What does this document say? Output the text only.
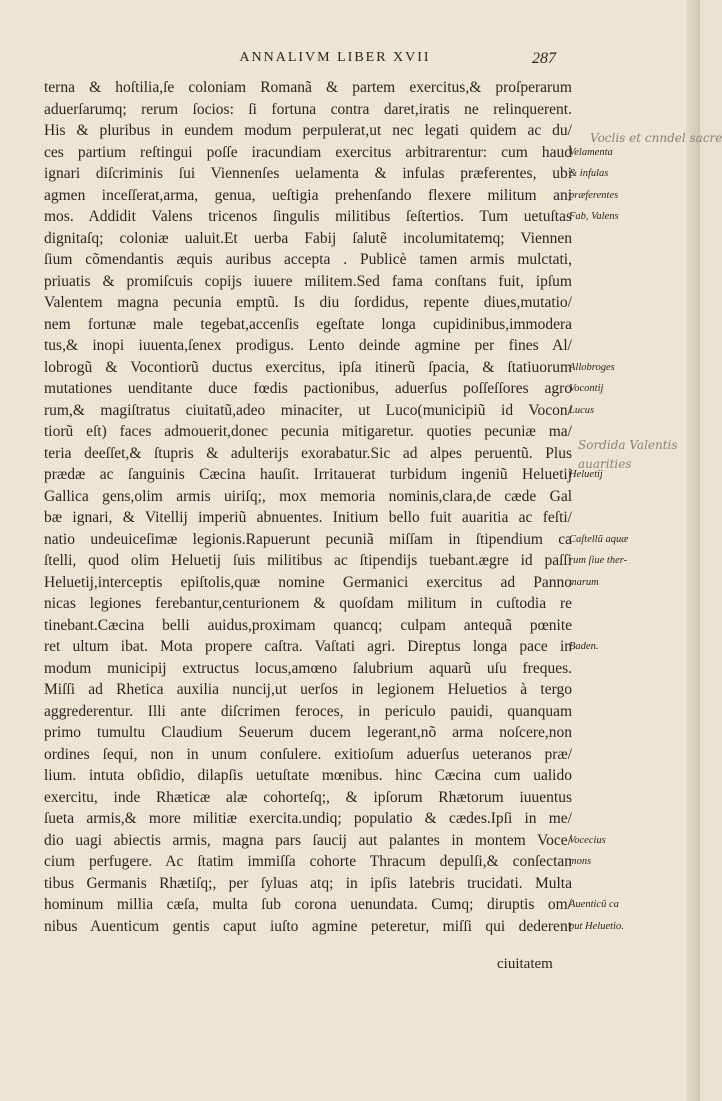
ANNALIVM LIBER XVII	287
terna & hoſtilia,ſe coloniam Romanã & partem exercitus,& proſperarum
aduerſarumq; rerum ſocios: ſi fortuna contra daret,iratis ne relinquerent.
His & pluribus in eundem modum perpulerat,ut nec legati quidem ac du/
ces partium reſtingui poſſe iracundiam exercitus arbitrarentur: cum haud
ignari diſcriminis ſui Viennenſes uelamenta & infulas præferentes, ubi
agmen inceſſerat,arma, genua, ueſtigia prehenſando flexere militum ani
mos. Addidit Valens tricenos ſingulis militibus ſeſtertios. Tum uetuſtas
dignitaſq; coloniæ ualuit.Et uerba Fabij ſalutẽ incolumitatemq; Viennen
ſium cõmendantis æquis auribus accepta . Publicè tamen armis mulctati,
priuatis & promiſcuis copijs iuuere militem.Sed fama conſtans fuit, ipſum
Valentem magna pecunia emptũ. Is diu ſordidus, repente diues,mutatio/
nem fortunæ male tegebat,accenſis egeſtate longa cupidinibus,immodera
tus,& inopi iuuenta,ſenex prodigus. Lento deinde agmine per fines Al/
lobrogũ & Vocontiorũ ductus exercitus, ipſa itinerũ ſpacia, & ſtatiuorum
mutationes uenditante duce fœdis pactionibus, aduerſus poſſeſſores agro
rum,& magiſtratus ciuitatũ,adeo minaciter, ut Luco(municipiũ id Vocon/
tiorũ eſt) faces admouerit,donec pecunia mitigaretur. quoties pecuniæ ma/
teria deeſſet,& ſtupris & adulterijs exorabatur.Sic ad alpes peruentũ. Plus
prædæ ac ſanguinis Cæcina hauſit. Irritauerat turbidum ingeniũ Heluetij
Gallica gens,olim armis uiriſq;, mox memoria nominis,clara,de cæde Gal
bæ ignari, & Vitellij imperiũ abnuentes. Initium bello fuit auaritia ac feſti/
natio undeuiceſimæ legionis.Rapuerunt pecuniã miſſam in ſtipendium ca
ſtelli, quod olim Heluetij ſuis militibus ac ſtipendijs tuebant.ægre id paſſi
Heluetij,interceptis epiſtolis,quæ nomine Germanici exercitus ad Panno
nicas legiones ferebantur,centurionem & quoſdam militum in cuſtodia re
tinebant.Cæcina belli auidus,proximam quancq; culpam antequã pœnite
ret ultum ibat. Mota propere caſtra. Vaſtati agri. Direptus longa pace in
modum municipij extructus locus,amœno ſalubrium aquarũ uſu freques.
Miſſi ad Rhetica auxilia nuncij,ut uerſos in legionem Heluetios à tergo
aggrederentur. Illi ante diſcrimen feroces, in periculo pauidi, quanquam
primo tumultu Claudium Seuerum ducem legerant,nõ arma noſcere,non
ordines ſequi, non in unum conſulere. exitioſum aduerſus ueteranos præ/
lium. intuta obſidio, dilapſis uetuſtate mœnibus. hinc Cæcina cum ualido
exercitu, inde Rhæticæ alæ cohorteſq;, & ipſorum Rhætorum iuuentus
ſueta armis,& more militiæ exercita.undiq; populatio & cædes.Ipſi in me/
dio uagi abiectis armis, magna pars ſaucij aut palantes in montem Voce/
cium perfugere. Ac ſtatim immiſſa cohorte Thracum depulſi,& conſectan
tibus Germanis Rhætiſq;, per ſyluas atq; in ipſis latebris trucidati. Multa
hominum millia cæſa, multa ſub corona uenundata. Cumq; diruptis om/
nibus Auenticum gentis caput iuſto agmine peteretur, miſſi qui dederent
ciuitatem
Velamenta
& infulas
præferentes
Fab, Valens
Allobroges
Vocontij
Lucus
Heluetij
Caſtellũ aquæ
rum ſiue ther-
marum
Baden.
Vocecius
mons
Auenticũ ca
put Heluetio.
Voclis et cnndel sacre
Sordida Valentis
auarities
